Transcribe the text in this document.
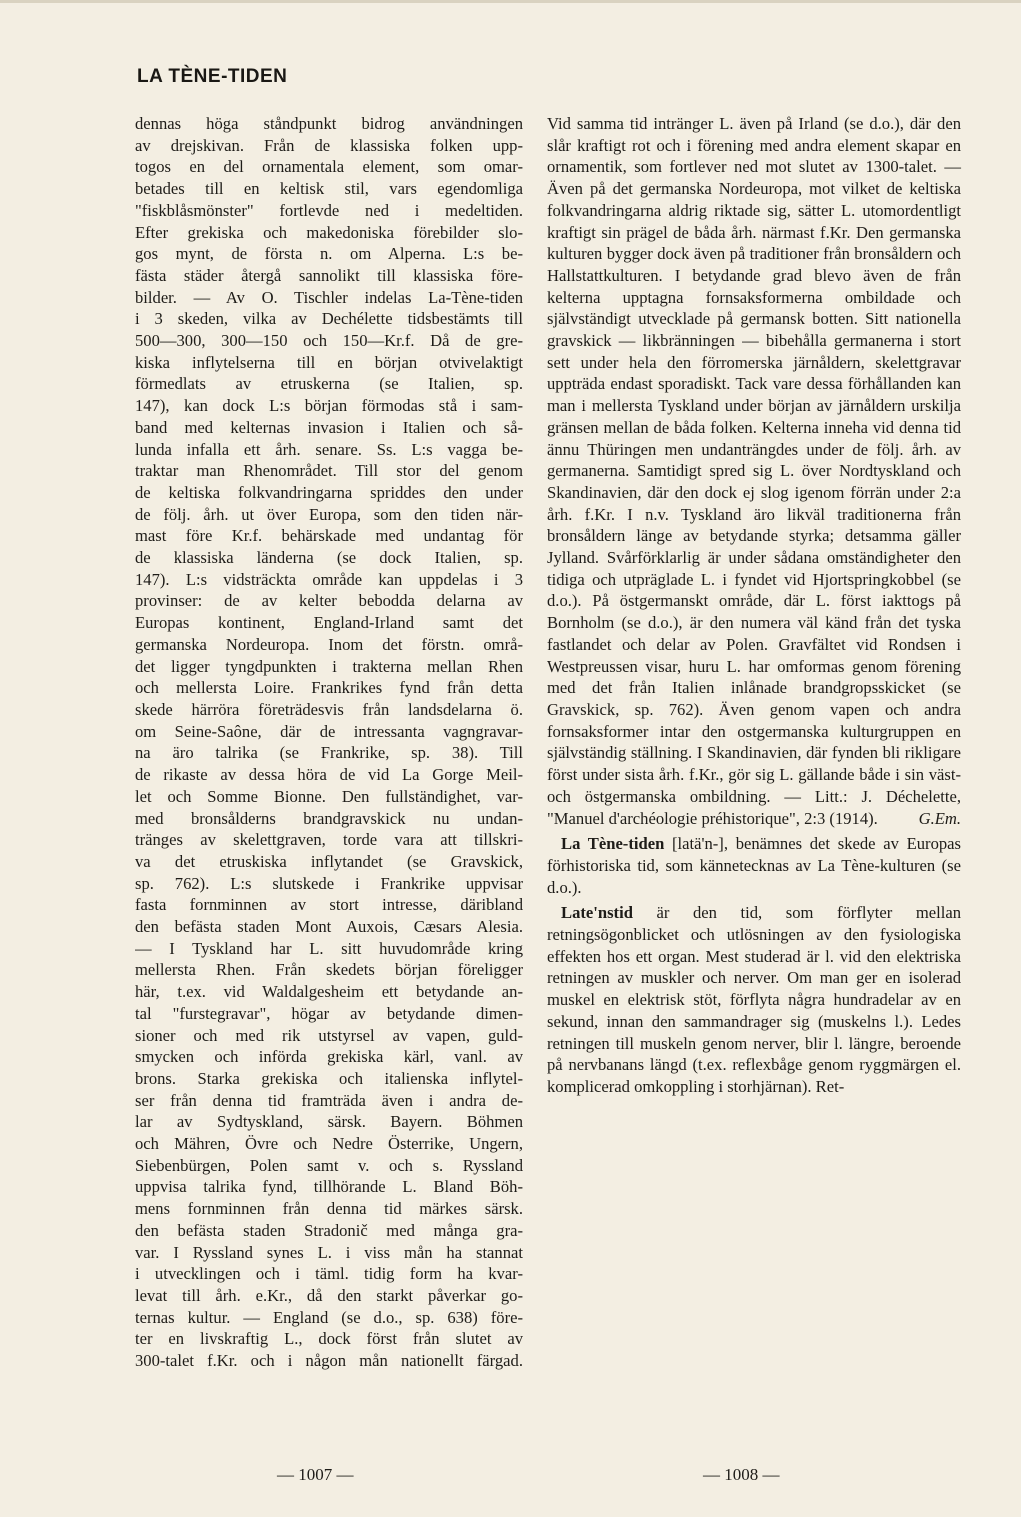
LA TÈNE-TIDEN
dennas höga ståndpunkt bidrog användningen
av drejskivan. Från de klassiska folken upp-
togos en del ornamentala element, som omar-
betades till en keltisk stil, vars egendomliga
"fiskblåsmönster" fortlevde ned i medeltiden.
Efter grekiska och makedoniska förebilder slo-
gos mynt, de första n. om Alperna. L:s be-
fästa städer återgå sannolikt till klassiska före-
bilder. — Av O. Tischler indelas La-Tène-tiden
i 3 skeden, vilka av Dechélette tidsbestämts till
500—300, 300—150 och 150—Kr.f. Då de gre-
kiska inflytelserna till en början otvivelaktigt
förmedlats av etruskerna (se Italien, sp.
147), kan dock L:s början förmodas stå i sam-
band med kelternas invasion i Italien och så-
lunda infalla ett årh. senare. Ss. L:s vagga be-
traktar man Rhenområdet. Till stor del genom
de keltiska folkvandringarna spriddes den under
de följ. årh. ut över Europa, som den tiden när-
mast före Kr.f. behärskade med undantag för
de klassiska länderna (se dock Italien, sp.
147). L:s vidsträckta område kan uppdelas i 3
provinser: de av kelter bebodda delarna av
Europas kontinent, England-Irland samt det
germanska Nordeuropa. Inom det förstn. områ-
det ligger tyngdpunkten i trakterna mellan Rhen
och mellersta Loire. Frankrikes fynd från detta
skede härröra företrädesvis från landsdelarna ö.
om Seine-Saône, där de intressanta vagngravar-
na äro talrika (se Frankrike, sp. 38). Till
de rikaste av dessa höra de vid La Gorge Meil-
let och Somme Bionne. Den fullständighet, var-
med bronsålderns brandgravskick nu undan-
tränges av skelettgraven, torde vara att tillskri-
va det etruskiska inflytandet (se Gravskick,
sp. 762). L:s slutskede i Frankrike uppvisar
fasta fornminnen av stort intresse, däribland
den befästa staden Mont Auxois, Cæsars Alesia.
— I Tyskland har L. sitt huvudområde kring
mellersta Rhen. Från skedets början föreligger
här, t.ex. vid Waldalgesheim ett betydande an-
tal "furstegravar", högar av betydande dimen-
sioner och med rik utstyrsel av vapen, guld-
smycken och införda grekiska kärl, vanl. av
brons. Starka grekiska och italienska inflytel-
ser från denna tid framträda även i andra de-
lar av Sydtyskland, särsk. Bayern. Böhmen
och Mähren, Övre och Nedre Österrike, Ungern,
Siebenbürgen, Polen samt v. och s. Ryssland
uppvisa talrika fynd, tillhörande L. Bland Böh-
mens fornminnen från denna tid märkes särsk.
den befästa staden Stradonič med många gra-
var. I Ryssland synes L. i viss mån ha stannat
i utvecklingen och i täml. tidig form ha kvar-
levat till årh. e.Kr., då den starkt påverkar go-
ternas kultur. — England (se d.o., sp. 638) före-
ter en livskraftig L., dock först från slutet av
300-talet f.Kr. och i någon mån nationellt färgad.

Vid samma tid intränger L. även på Irland (se d.o.), där den slår kraftigt rot och i förening med andra element skapar en ornamentik, som fortlever ned mot slutet av 1300-talet. — Även på det germanska Nordeuropa, mot vilket de keltiska folkvandringarna aldrig riktade sig, sätter L. utomordentligt kraftigt sin prägel de båda årh. närmast f.Kr. Den germanska kulturen bygger dock även på traditioner från bronsåldern och Hallstattkulturen. I betydande grad blevo även de från kelterna upptagna fornsaksformerna ombildade och självständigt utvecklade på germansk botten. Sitt nationella gravskick — likbränningen — bibehålla germanerna i stort sett under hela den förromerska järnåldern, skelettgravar uppträda endast sporadiskt. Tack vare dessa förhållanden kan man i mellersta Tyskland under början av järnåldern urskilja gränsen mellan de båda folken. Kelterna inneha vid denna tid ännu Thüringen men undanträngdes under de följ. årh. av germanerna. Samtidigt spred sig L. över Nordtyskland och Skandinavien, där den dock ej slog igenom förrän under 2:a årh. f.Kr. I n.v. Tyskland äro likväl traditionerna från bronsåldern länge av betydande styrka; detsamma gäller Jylland. Svårförklarlig är under sådana omständigheter den tidiga och utpräglade L. i fyndet vid Hjortspringkobbel (se d.o.). På östgermanskt område, där L. först iakttogs på Bornholm (se d.o.), är den numera väl känd från det tyska fastlandet och delar av Polen. Gravfältet vid Rondsen i Westpreussen visar, huru L. har omformas genom förening med det från Italien inlånade brandgropsskicket (se Gravskick, sp. 762). Även genom vapen och andra fornsaksformer intar den ostgermanska kulturgruppen en självständig ställning. I Skandinavien, där fynden bli rikligare först under sista årh. f.Kr., gör sig L. gällande både i sin väst- och östgermanska ombildning. — Litt.: J. Déchelette, "Manuel d'archéologie préhistorique", 2:3 (1914). G.Em.

La Tène-tiden [latä'n-], benämnes det skede av Europas förhistoriska tid, som kännetecknas av La Tène-kulturen (se d.o.).

Late'nstid är den tid, som förflyter mellan retningsögonblicket och utlösningen av den fysiologiska effekten hos ett organ. Mest studerad är l. vid den elektriska retningen av muskler och nerver. Om man ger en isolerad muskel en elektrisk stöt, förflyta några hundradelar av en sekund, innan den sammandrager sig (muskelns l.). Ledes retningen till muskeln genom nerver, blir l. längre, beroende på nervbanans längd (t.ex. reflexbåge genom ryggmärgen el. komplicerad omkoppling i storhjärnan). Ret-

— 1007 —	— 1008 —
